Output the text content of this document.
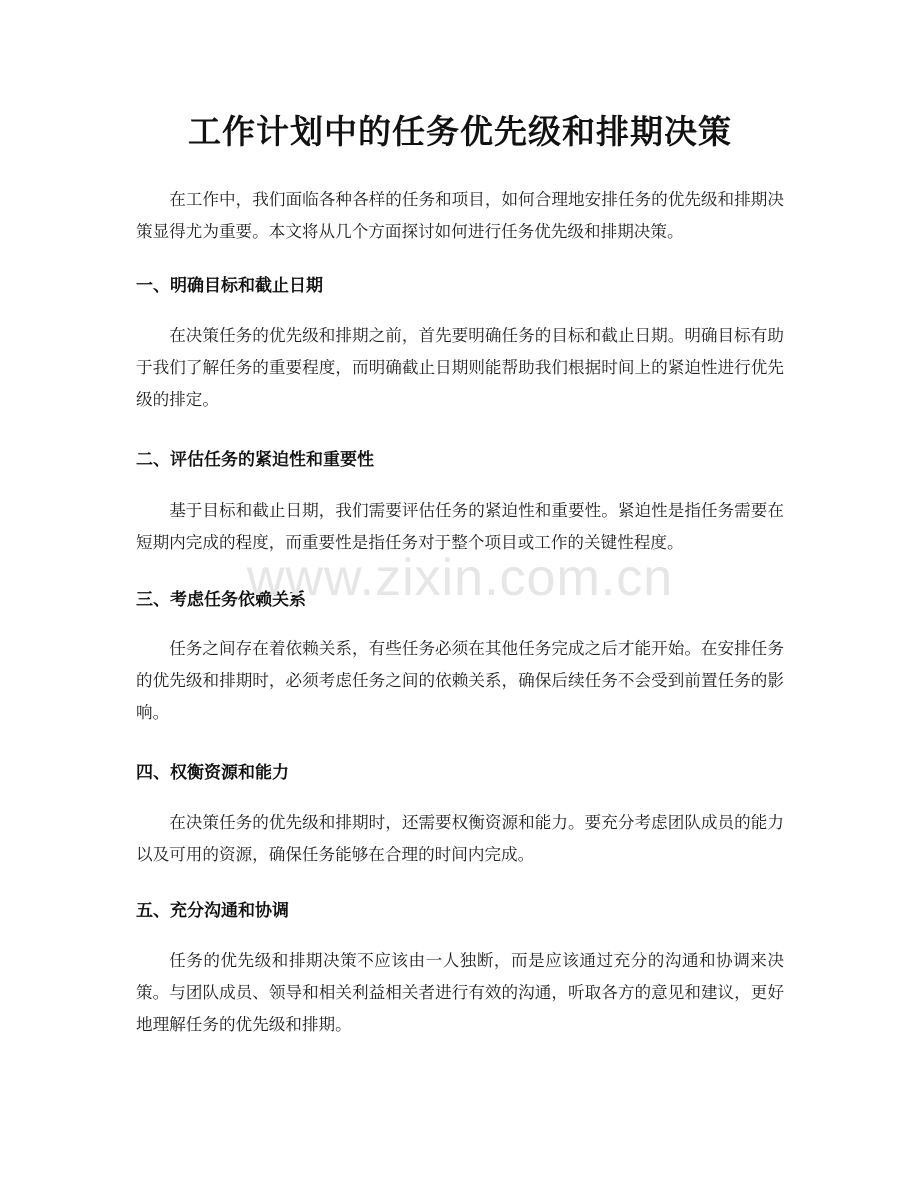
工作计划中的任务优先级和排期决策

在工作中，我们面临各种各样的任务和项目，如何合理地安排任务的优先级和排期决策显得尤为重要。本文将从几个方面探讨如何进行任务优先级和排期决策。

一、明确目标和截止日期

在决策任务的优先级和排期之前，首先要明确任务的目标和截止日期。明确目标有助于我们了解任务的重要程度，而明确截止日期则能帮助我们根据时间上的紧迫性进行优先级的排定。

二、评估任务的紧迫性和重要性

基于目标和截止日期，我们需要评估任务的紧迫性和重要性。紧迫性是指任务需要在短期内完成的程度，而重要性是指任务对于整个项目或工作的关键性程度。

三、考虑任务依赖关系

任务之间存在着依赖关系，有些任务必须在其他任务完成之后才能开始。在安排任务的优先级和排期时，必须考虑任务之间的依赖关系，确保后续任务不会受到前置任务的影响。

四、权衡资源和能力

在决策任务的优先级和排期时，还需要权衡资源和能力。要充分考虑团队成员的能力以及可用的资源，确保任务能够在合理的时间内完成。

五、充分沟通和协调

任务的优先级和排期决策不应该由一人独断，而是应该通过充分的沟通和协调来决策。与团队成员、领导和相关利益相关者进行有效的沟通，听取各方的意见和建议，更好地理解任务的优先级和排期。

www.zixin.com.cn
